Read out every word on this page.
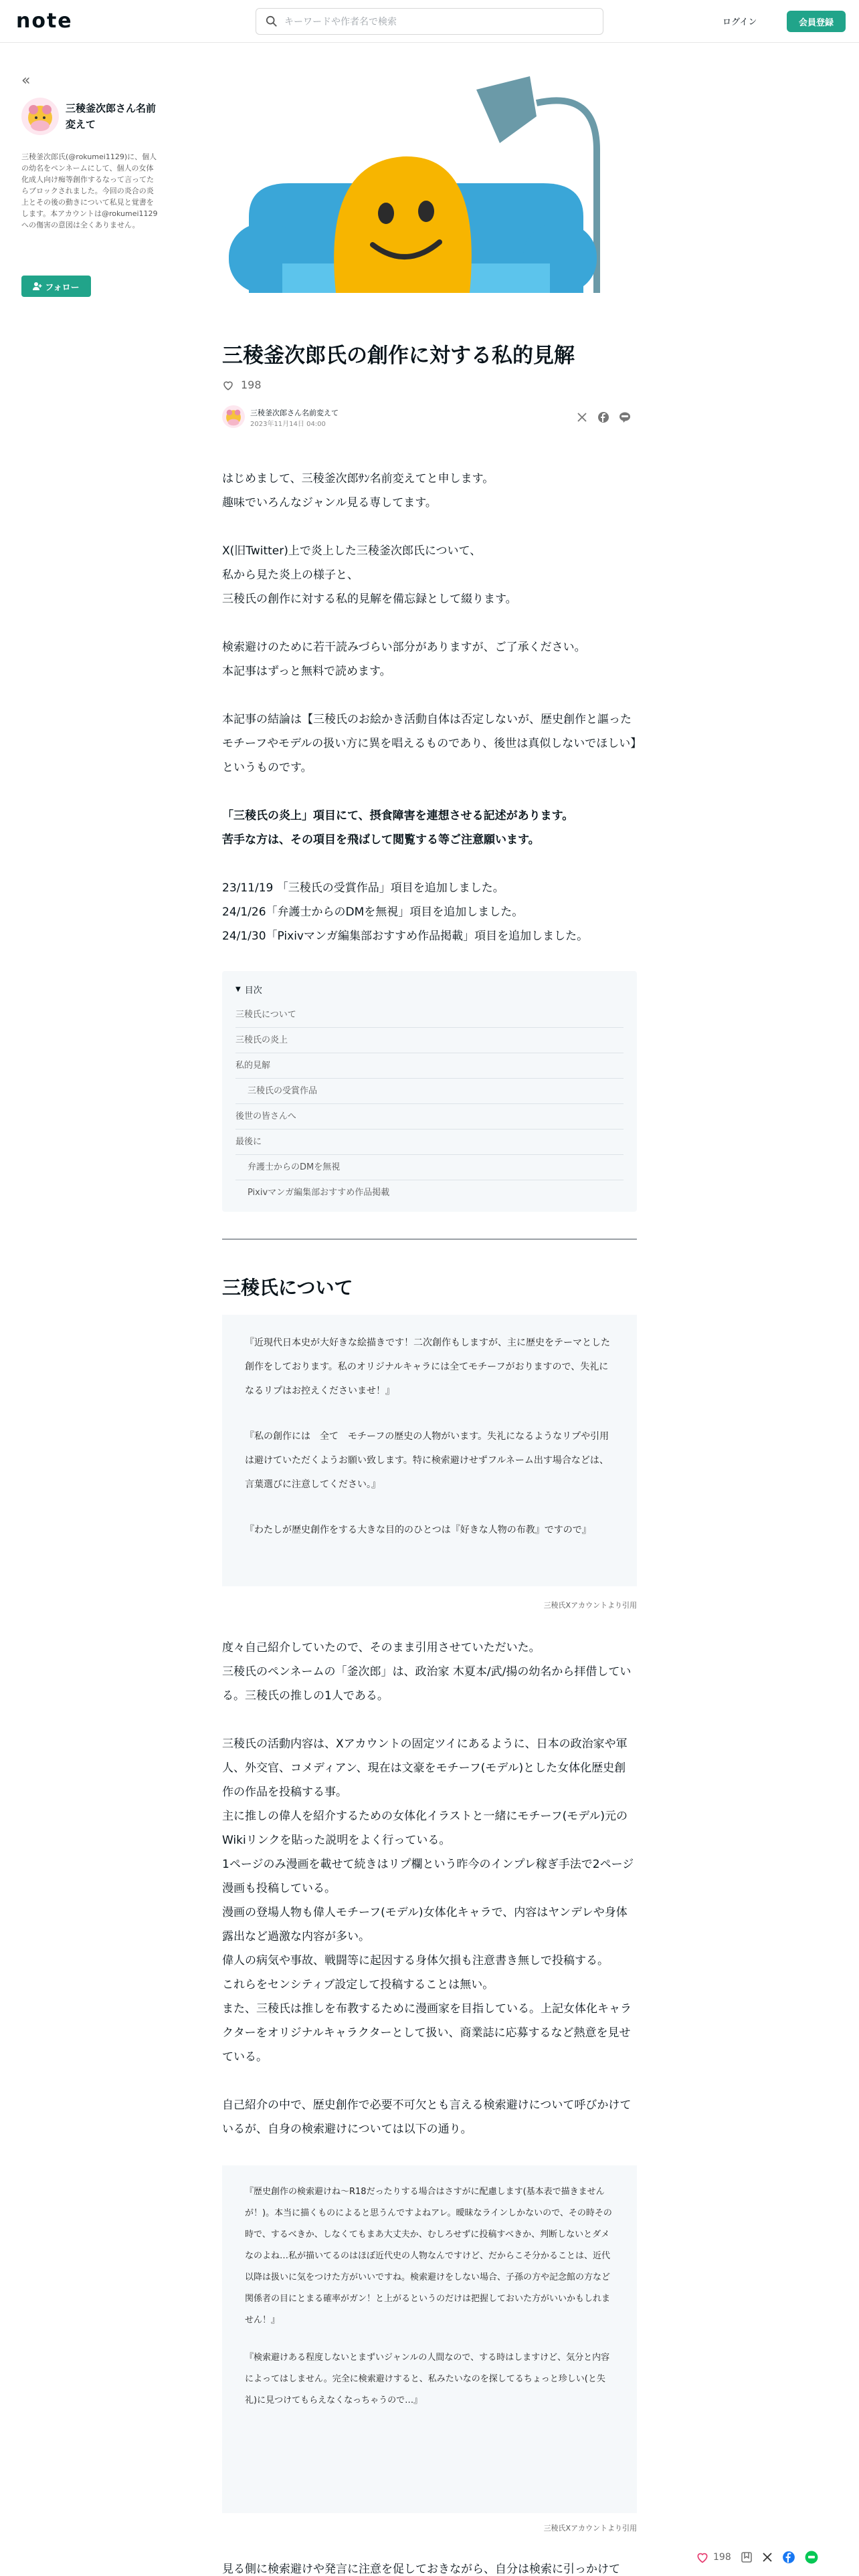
note
キーワードや作者名で検索	ログイン	会員登録
«
三稜釜次郎さん名前変えて
三稜釜次郎氏(@rokumei1129)に、個人の幼名をペンネームにして、個人の女体化成人向け痴等創作するなって言ってたらブロックされました。今回の炎合の炎上とその後の動きについて私見と覚書をします。本アカウントは@rokumei1129への傷害の意図は全くありません。
フォロー
三稜釜次郎氏の創作に対する私的見解
198
三稜釜次郎さん名前変えて
2023年11月14日 04:00

はじめまして、三稜釜次郎ｻﾝ名前変えてと申します。

趣味でいろんなジャンル見る専してます。

X(旧Twitter)上で炎上した三稜釜次郎氏について、

私から見た炎上の様子と、

三稜氏の創作に対する私的見解を備忘録として綴ります。

検索避けのために若干読みづらい部分がありますが、ご了承ください。

本記事はずっと無料で読めます。

本記事の結論は【三稜氏のお絵かき活動自体は否定しないが、歴史創作と謳ったモチーフやモデルの扱い方に異を唱えるものであり、後世は真似しないでほしい】というものです。

「三稜氏の炎上」項目にて、摂食障害を連想させる記述があります。

苦手な方は、その項目を飛ばして閲覧する等ご注意願います。

23/11/19 「三稜氏の受賞作品」項目を追加しました。

24/1/26「弁護士からのDMを無視」項目を追加しました。

24/1/30「Pixivマンガ編集部おすすめ作品掲載」項目を追加しました。

▼ 目次
三稜氏について
三稜氏の炎上
私的見解
三稜氏の受賞作品
後世の皆さんへ
最後に
弁護士からのDMを無視
Pixivマンガ編集部おすすめ作品掲載
三稜氏について

『近現代日本史が大好きな絵描きです！二次創作もしますが、主に歴史をテーマとした創作をしております。私のオリジナルキャラには全てモチーフがおりますので、失礼になるリプはお控えくださいませ！』

『私の創作には　全て　モチーフの歴史の人物がいます。失礼になるようなリプや引用は避けていただくようお願い致します。特に検索避けせずフルネーム出す場合などは、言葉選びに注意してください。』

『わたしが歴史創作をする大きな目的のひとつは『好きな人物の布教』ですので』

三稜氏Xアカウントより引用

度々自己紹介していたので、そのまま引用させていただいた。

三稜氏のペンネームの「釜次郎」は、政治家 木夏本/武/揚の幼名から拝借している。三稜氏の推しの1人である。

三稜氏の活動内容は、Xアカウントの固定ツイにあるように、日本の政治家や軍人、外交官、コメディアン、現在は文豪をモチーフ(モデル)とした女体化歴史創作の作品を投稿する事。

主に推しの偉人を紹介するための女体化イラストと一緒にモチーフ(モデル)元のWikiリンクを貼った説明をよく行っている。

1ページのみ漫画を載せて続きはリプ欄という昨今のインプレ稼ぎ手法で2ページ漫画も投稿している。

漫画の登場人物も偉人モチーフ(モデル)女体化キャラで、内容はヤンデレや身体露出など過激な内容が多い。

偉人の病気や事故、戦闘等に起因する身体欠損も注意書き無しで投稿する。

これらをセンシティブ設定して投稿することは無い。

また、三稜氏は推しを布教するために漫画家を目指している。上記女体化キャラクターをオリジナルキャラクターとして扱い、商業誌に応募するなど熱意を見せている。

自己紹介の中で、歴史創作で必要不可欠とも言える検索避けについて呼びかけているが、自身の検索避けについては以下の通り。

『歴史創作の検索避けね〜R18だったりする場合はさすがに配慮します(基本表で描きませんが！)。本当に描くものによると思うんですよねアレ。曖昧なラインしかないので、その時その時で、するべきか、しなくてもまあ大丈夫か、むしろせずに投稿すべきか、判断しないとダメなのよね…私が描いてるのはほぼ近代史の人物なんですけど、だからこそ分かることは、近代以降は扱いに気をつけた方がいいですね。検索避けをしない場合、子孫の方や記念館の方など関係者の目にとまる確率がガン！と上がるというのだけは把握しておいた方がいいかもしれません！』

『検索避けある程度しないとまずいジャンルの人間なので、する時はしますけど、気分と内容によってはしません。完全に検索避けすると、私みたいなのを探してるちょっと珍しい(と失礼)に見つけてもらえなくなっちゃうので…』

三稜氏Xアカウントより引用

見る側に検索避けや発言に注意を促しておきながら、自分は検索に引っかけて

198
